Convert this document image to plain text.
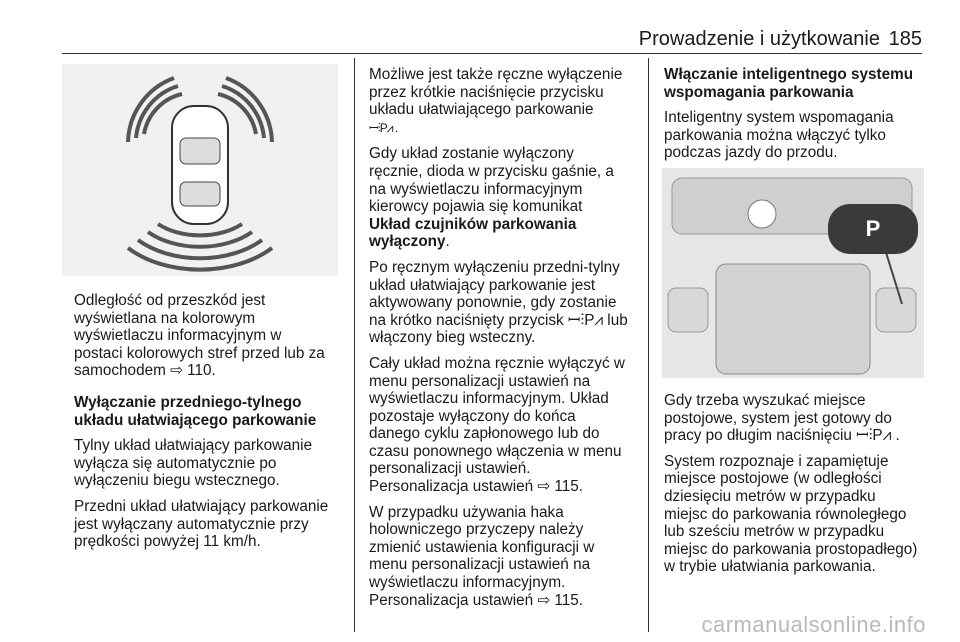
Prowadzenie i użytkowanie 185

Odległość od przeszkód jest
wyświetlana na kolorowym
wyświetlaczu informacyjnym w
postaci kolorowych stref przed lub za
samochodem ⇨ 110.

Wyłączanie przedniego-tylnego
układu ułatwiającego parkowanie

Tylny układ ułatwiający parkowanie
wyłącza się automatycznie po
wyłączeniu biegu wstecznego.

Przedni układ ułatwiający parkowanie
jest wyłączany automatycznie przy
prędkości powyżej 11 km/h.

Możliwe jest także ręczne wyłączenie
przez krótkie naciśnięcie przycisku
układu ułatwiającego parkowanie
ꟷ⫶P⩘ .

Gdy układ zostanie wyłączony
ręcznie, dioda w przycisku gaśnie, a
na wyświetlaczu informacyjnym
kierowcy pojawia się komunikat
Układ czujników parkowania
wyłączony.

Po ręcznym wyłączeniu przedni-tylny
układ ułatwiający parkowanie jest
aktywowany ponownie, gdy zostanie
na krótko naciśnięty przycisk ꟷ⫶P⩘ lub
włączony bieg wsteczny.

Cały układ można ręcznie wyłączyć w
menu personalizacji ustawień na
wyświetlaczu informacyjnym. Układ
pozostaje wyłączony do końca
danego cyklu zapłonowego lub do
czasu ponownego włączenia w menu
personalizacji ustawień.
Personalizacja ustawień ⇨ 115.

W przypadku używania haka
holowniczego przyczepy należy
zmienić ustawienia konfiguracji w
menu personalizacji ustawień na
wyświetlaczu informacyjnym.
Personalizacja ustawień ⇨ 115.

Włączanie inteligentnego systemu
wspomagania parkowania

Inteligentny system wspomagania
parkowania można włączyć tylko
podczas jazdy do przodu.

P

Gdy trzeba wyszukać miejsce
postojowe, system jest gotowy do
pracy po długim naciśnięciu ꟷ⫶P⩘ .

System rozpoznaje i zapamiętuje
miejsce postojowe (w odległości
dziesięciu metrów w przypadku
miejsc do parkowania równoległego
lub sześciu metrów w przypadku
miejsc do parkowania prostopadłego)
w trybie ułatwiania parkowania.

carmanualsonline.info
